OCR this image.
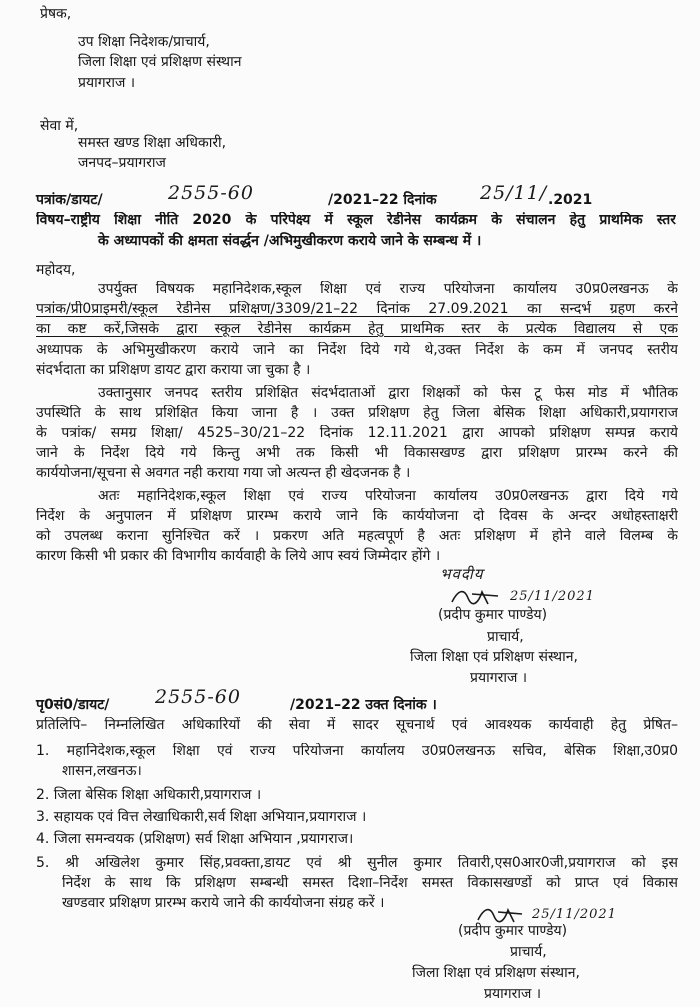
प्रेषक,
उप शिक्षा निदेशक/प्राचार्य,
जिला शिक्षा एवं प्रशिक्षण संस्थान
प्रयागराज ।
सेवा में,
समस्त खण्ड शिक्षा अधिकारी,
जनपद–प्रयागराज
पत्रांक/डायट/	2555-60	/2021–22 दिनांक 25/11/ .2021
विषय–राष्ट्रीय शिक्षा नीति 2020 के परिपेक्ष्य में स्कूल रेडीनेस कार्यक्रम के संचालन हेतु प्राथमिक स्तर
के अध्यापकों की क्षमता संवर्द्धन /अभिमुखीकरण कराये जाने के सम्बन्ध में ।
महोदय,
उपर्युक्त विषयक महानिदेशक,स्कूल शिक्षा एवं राज्य परियोजना कार्यालय उ0प्र0लखनऊ के
पत्रांक/प्री0प्राइमरी/स्कूल रेडीनेस प्रशिक्षण/3309/21–22 दिनांक 27.09.2021 का सन्दर्भ ग्रहण करने
का कष्ट करें,जिसके द्वारा स्कूल रेडीनेस कार्यक्रम हेतु प्राथमिक स्तर के प्रत्येक विद्यालय से एक
अध्यापक के अभिमुखीकरण कराये जाने का निर्देश दिये गये थे,उक्त निर्देश के कम में जनपद स्तरीय
संदर्भदाता का प्रशिक्षण डायट द्वारा कराया जा चुका है ।
उक्तानुसार जनपद स्तरीय प्रशिक्षित संदर्भदाताओं द्वारा शिक्षकों को फेस टू फेस मोड में भौतिक
उपस्थिति के साथ प्रशिक्षित किया जाना है । उक्त प्रशिक्षण हेतु जिला बेसिक शिक्षा अधिकारी,प्रयागराज
के पत्रांक/ समग्र शिक्षा/ 4525–30/21–22 दिनांक 12.11.2021 द्वारा आपको प्रशिक्षण सम्पन्न कराये
जाने के निर्देश दिये गये किन्तु अभी तक किसी भी विकासखण्ड द्वारा प्रशिक्षण प्रारम्भ करने की
कार्ययोजना/सूचना से अवगत नही कराया गया जो अत्यन्त ही खेदजनक है ।
अतः महानिदेशक,स्कूल शिक्षा एवं राज्य परियोजना कार्यालय उ0प्र0लखनऊ द्वारा दिये गये
निर्देश के अनुपालन में प्रशिक्षण प्रारम्भ कराये जाने कि कार्ययोजना दो दिवस के अन्दर अधोहस्ताक्षरी
को उपलब्ध कराना सुनिश्चित करें । प्रकरण अति महत्वपूर्ण है अतः प्रशिक्षण में होने वाले विलम्ब के
कारण किसी भी प्रकार की विभागीय कार्यवाही के लिये आप स्वयं जिम्मेदार होंगे ।
भवदीय
25/11/2021
(प्रदीप कुमार पाण्डेय)
प्राचार्य,
जिला शिक्षा एवं प्रशिक्षण संस्थान,
प्रयागराज ।
पृ0सं0/डायट/ 2555-60	/2021–22 उक्त दिनांक ।
प्रतिलिपि– निम्नलिखित अधिकारियों की सेवा में सादर सूचनार्थ एवं आवश्यक कार्यवाही हेतु प्रेषित–
1. महानिदेशक,स्कूल शिक्षा एवं राज्य परियोजना कार्यालय उ0प्र0लखनऊ सचिव, बेसिक शिक्षा,उ0प्र0
शासन,लखनऊ।
2. जिला बेसिक शिक्षा अधिकारी,प्रयागराज ।
3. सहायक एवं वित्त लेखाधिकारी,सर्व शिक्षा अभियान,प्रयागराज ।
4. जिला समन्वयक (प्रशिक्षण) सर्व शिक्षा अभियान ,प्रयागराज।
5. श्री अखिलेश कुमार सिंह,प्रवक्ता,डायट एवं श्री सुनील कुमार तिवारी,एस0आर0जी,प्रयागराज को इस
निर्देश के साथ कि प्रशिक्षण सम्बन्धी समस्त दिशा–निर्देश समस्त विकासखण्डों को प्राप्त एवं विकास
खण्डवार प्रशिक्षण प्रारम्भ कराये जाने की कार्ययोजना संग्रह करें ।
25/11/2021
(प्रदीप कुमार पाण्डेय)
प्राचार्य,
जिला शिक्षा एवं प्रशिक्षण संस्थान,
प्रयागराज ।
